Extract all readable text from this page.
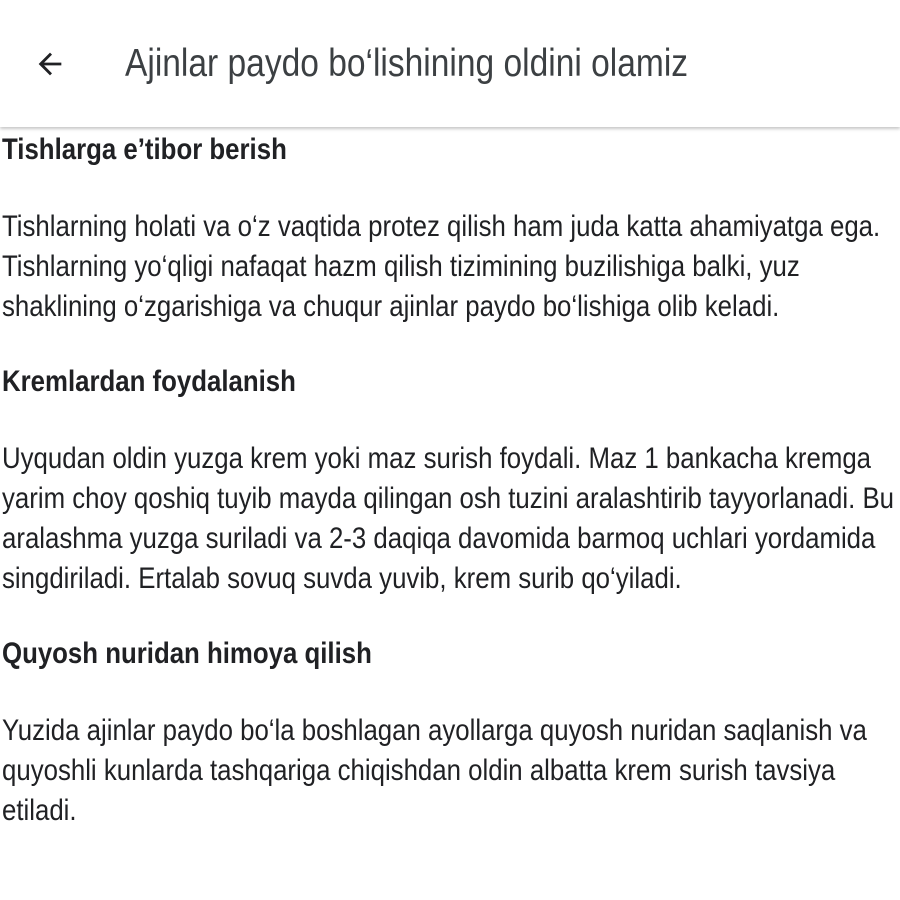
Ajinlar paydo bo‘lishining oldini olamiz
Tishlarga e’tibor berish

Tishlarning holati va o‘z vaqtida protez qilish ham juda katta ahamiyatga ega. Tishlarning yo‘qligi nafaqat hazm qilish tizimining buzilishiga balki, yuz shaklining o‘zgarishiga va chuqur ajinlar paydo bo‘lishiga olib keladi.

Kremlardan foydalanish

Uyqudan oldin yuzga krem yoki maz surish foydali. Maz 1 bankacha kremga yarim choy qoshiq tuyib mayda qilingan osh tuzini aralashtirib tayyorlanadi. Bu aralashma yuzga suriladi va 2-3 daqiqa davomida barmoq uchlari yordamida singdiriladi. Ertalab sovuq suvda yuvib, krem surib qo‘yiladi.

Quyosh nuridan himoya qilish

Yuzida ajinlar paydo bo‘la boshlagan ayollarga quyosh nuridan saqlanish va quyoshli kunlarda tashqariga chiqishdan oldin albatta krem surish tavsiya etiladi.
